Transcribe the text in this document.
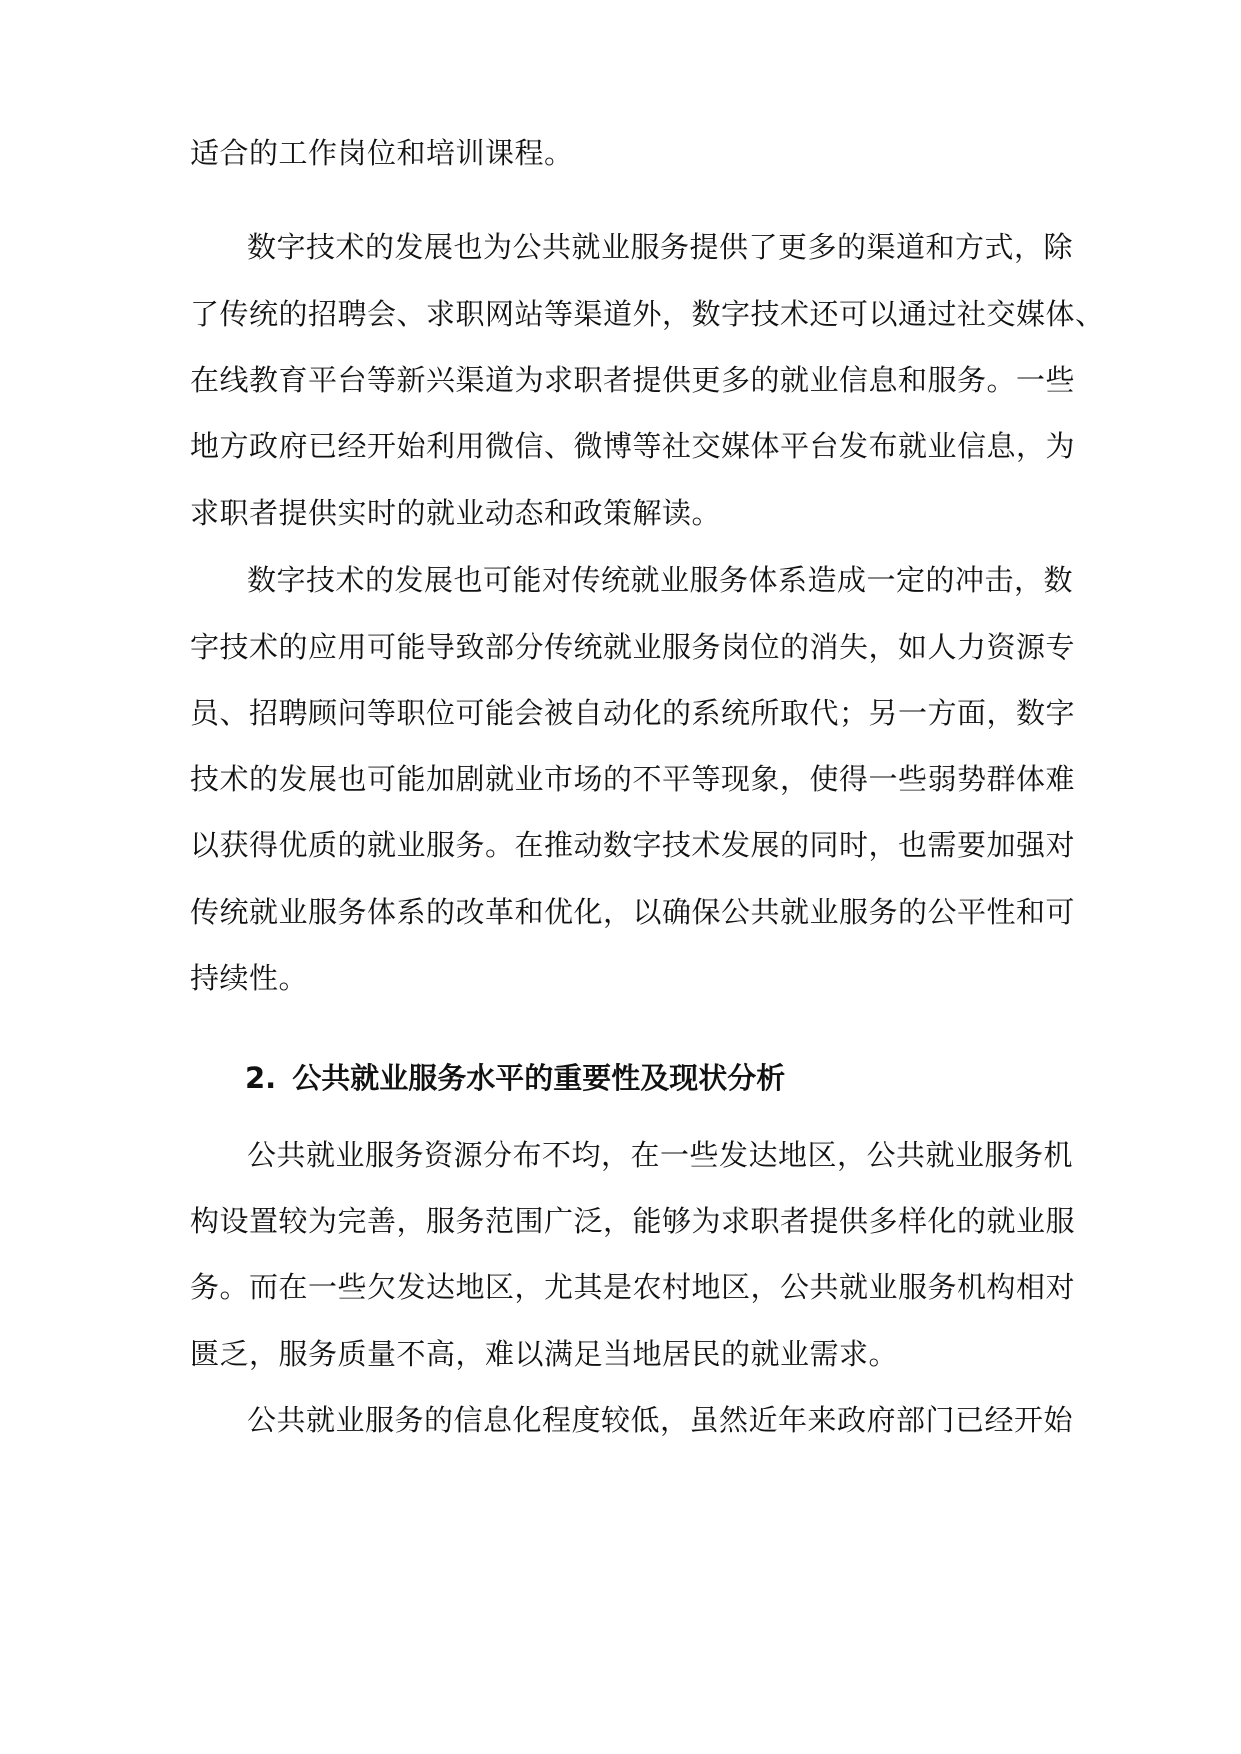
适合的工作岗位和培训课程。
数字技术的发展也为公共就业服务提供了更多的渠道和方式，除
了传统的招聘会、求职网站等渠道外，数字技术还可以通过社交媒体、
在线教育平台等新兴渠道为求职者提供更多的就业信息和服务。一些
地方政府已经开始利用微信、微博等社交媒体平台发布就业信息，为
求职者提供实时的就业动态和政策解读。
数字技术的发展也可能对传统就业服务体系造成一定的冲击，数
字技术的应用可能导致部分传统就业服务岗位的消失，如人力资源专
员、招聘顾问等职位可能会被自动化的系统所取代；另一方面，数字
技术的发展也可能加剧就业市场的不平等现象，使得一些弱势群体难
以获得优质的就业服务。在推动数字技术发展的同时，也需要加强对
传统就业服务体系的改革和优化，以确保公共就业服务的公平性和可
持续性。
2. 公共就业服务水平的重要性及现状分析
公共就业服务资源分布不均，在一些发达地区，公共就业服务机
构设置较为完善，服务范围广泛，能够为求职者提供多样化的就业服
务。而在一些欠发达地区，尤其是农村地区，公共就业服务机构相对
匮乏，服务质量不高，难以满足当地居民的就业需求。
公共就业服务的信息化程度较低，虽然近年来政府部门已经开始
